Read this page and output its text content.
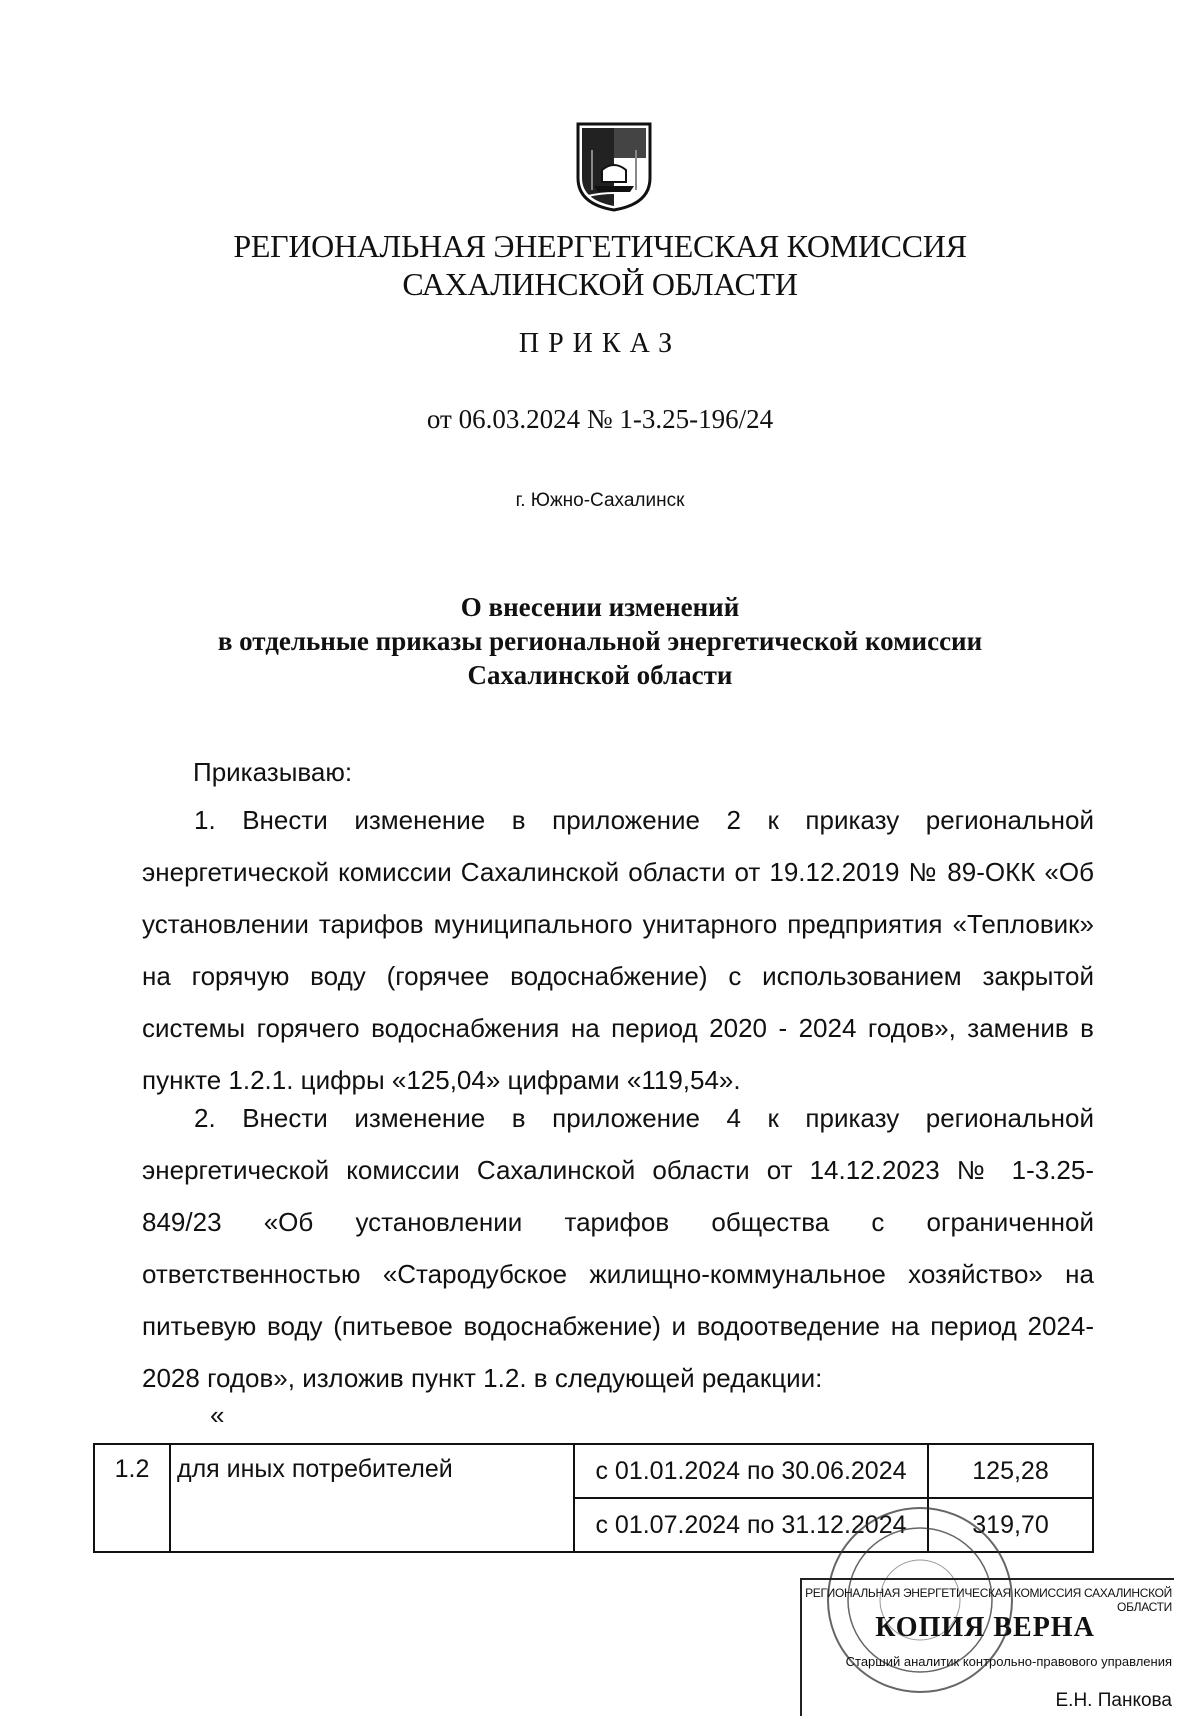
РЕГИОНАЛЬНАЯ ЭНЕРГЕТИЧЕСКАЯ КОМИССИЯ
САХАЛИНСКОЙ ОБЛАСТИ
ПРИКАЗ
от 06.03.2024 № 1-3.25-196/24
г. Южно-Сахалинск
О внесении изменений
в отдельные приказы региональной энергетической комиссии
Сахалинской области
Приказываю:
1. Внести изменение в приложение 2 к приказу региональной энергетической комиссии Сахалинской области от 19.12.2019 № 89-ОКК «Об установлении тарифов муниципального унитарного предприятия «Тепловик» на горячую воду (горячее водоснабжение) с использованием закрытой системы горячего водоснабжения на период 2020 - 2024 годов», заменив в пункте 1.2.1. цифры «125,04» цифрами «119,54».
2. Внести изменение в приложение 4 к приказу региональной энергетической комиссии Сахалинской области от 14.12.2023 № 1-3.25-849/23 «Об установлении тарифов общества с ограниченной ответственностью «Стародубское жилищно-коммунальное хозяйство» на питьевую воду (питьевое водоснабжение) и водоотведение на период 2024-2028 годов», изложив пункт 1.2. в следующей редакции:
«
1.2	для иных потребителей	с 01.01.2024 по 30.06.2024	125,28
		с 01.07.2024 по 31.12.2024	319,70
РЕГИОНАЛЬНАЯ ЭНЕРГЕТИЧЕСКАЯ КОМИССИЯ САХАЛИНСКОЙ ОБЛАСТИ
КОПИЯ ВЕРНА
Старший аналитик контрольно-правового управления
Е.Н. Панкова
